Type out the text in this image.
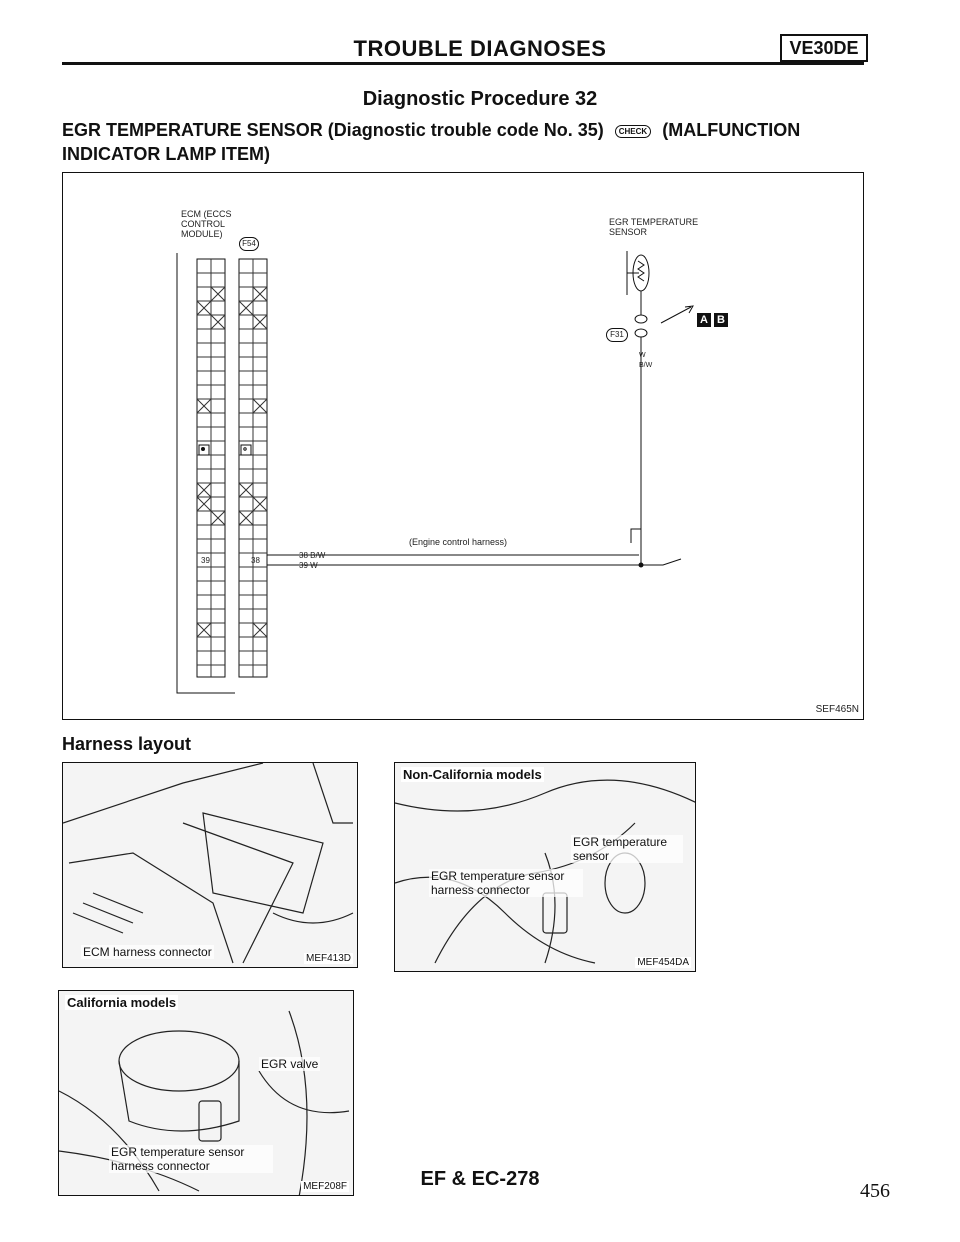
TROUBLE DIAGNOSES	VE30DE
Diagnostic Procedure 32
EGR TEMPERATURE SENSOR (Diagnostic trouble code No. 35) CHECK (MALFUNCTION
INDICATOR LAMP ITEM)
ECM (ECCS CONTROL MODULE)
F54
EGR TEMPERATURE SENSOR
F31
A B
W B/W
(Engine control harness)
38 B/W
39 W
39	38
SEF465N
Harness layout
ECM harness connector	MEF413D
Non-California models
EGR temperature sensor
EGR temperature sensor harness connector
MEF454DA
California models
EGR valve
EGR temperature sensor harness connector
MEF208F	EF & EC-278
456
